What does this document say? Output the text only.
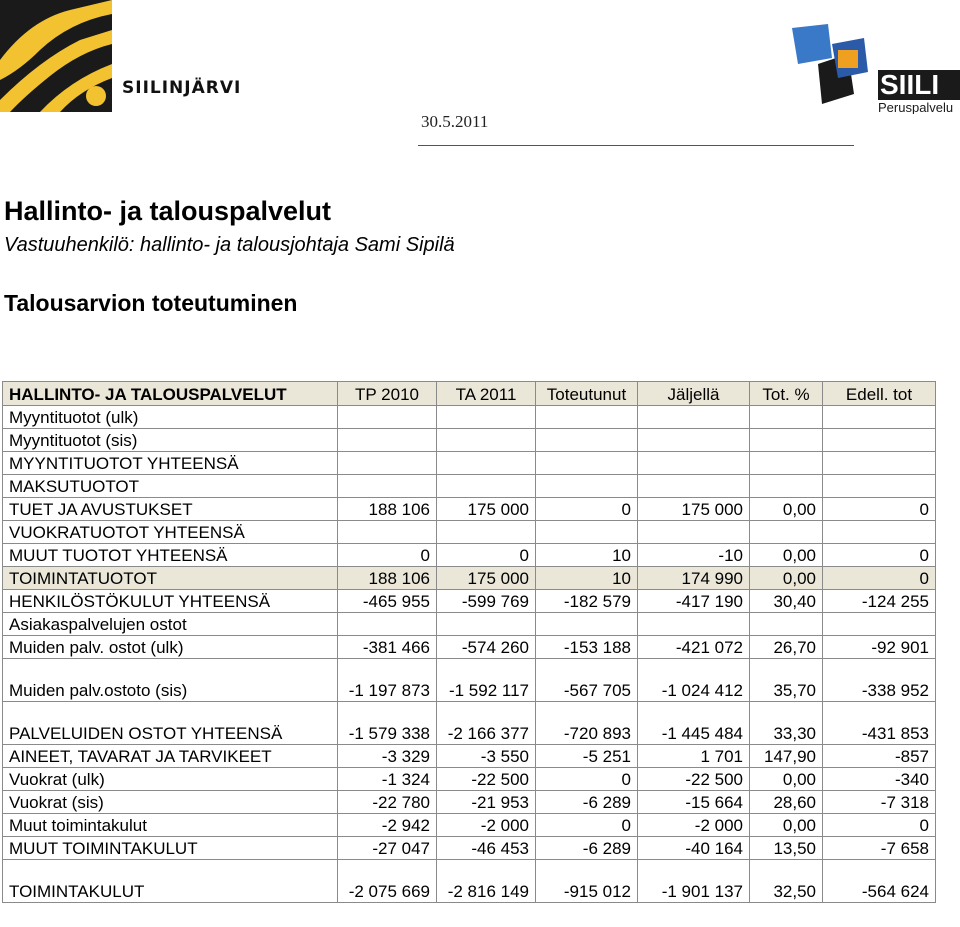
SIILINJÄRVI	SIILI
Peruspalvelu
30.5.2011
Hallinto- ja talouspalvelut
Vastuuhenkilö: hallinto- ja talousjohtaja Sami Sipilä
Talousarvion toteutuminen
HALLINTO- JA TALOUSPALVELUT	TP 2010	TA 2011	Toteutunut	Jäljellä	Tot. %	Edell. tot
Myyntituotot (ulk)						
Myyntituotot (sis)						
MYYNTITUOTOT YHTEENSÄ						
MAKSUTUOTOT						
TUET JA AVUSTUKSET	188 106	175 000	0	175 000	0,00	0
VUOKRATUOTOT YHTEENSÄ						
MUUT TUOTOT YHTEENSÄ	0	0	10	-10	0,00	0
TOIMINTATUOTOT	188 106	175 000	10	174 990	0,00	0
HENKILÖSTÖKULUT YHTEENSÄ	-465 955	-599 769	-182 579	-417 190	30,40	-124 255
Asiakaspalvelujen ostot						
Muiden palv. ostot (ulk)	-381 466	-574 260	-153 188	-421 072	26,70	-92 901
Muiden palv.ostoto (sis)	-1 197 873	-1 592 117	-567 705	-1 024 412	35,70	-338 952
PALVELUIDEN OSTOT YHTEENSÄ	-1 579 338	-2 166 377	-720 893	-1 445 484	33,30	-431 853
AINEET, TAVARAT JA TARVIKEET	-3 329	-3 550	-5 251	1 701	147,90	-857
Vuokrat (ulk)	-1 324	-22 500	0	-22 500	0,00	-340
Vuokrat (sis)	-22 780	-21 953	-6 289	-15 664	28,60	-7 318
Muut toimintakulut	-2 942	-2 000	0	-2 000	0,00	0
MUUT TOIMINTAKULUT	-27 047	-46 453	-6 289	-40 164	13,50	-7 658
TOIMINTAKULUT	-2 075 669	-2 816 149	-915 012	-1 901 137	32,50	-564 624
